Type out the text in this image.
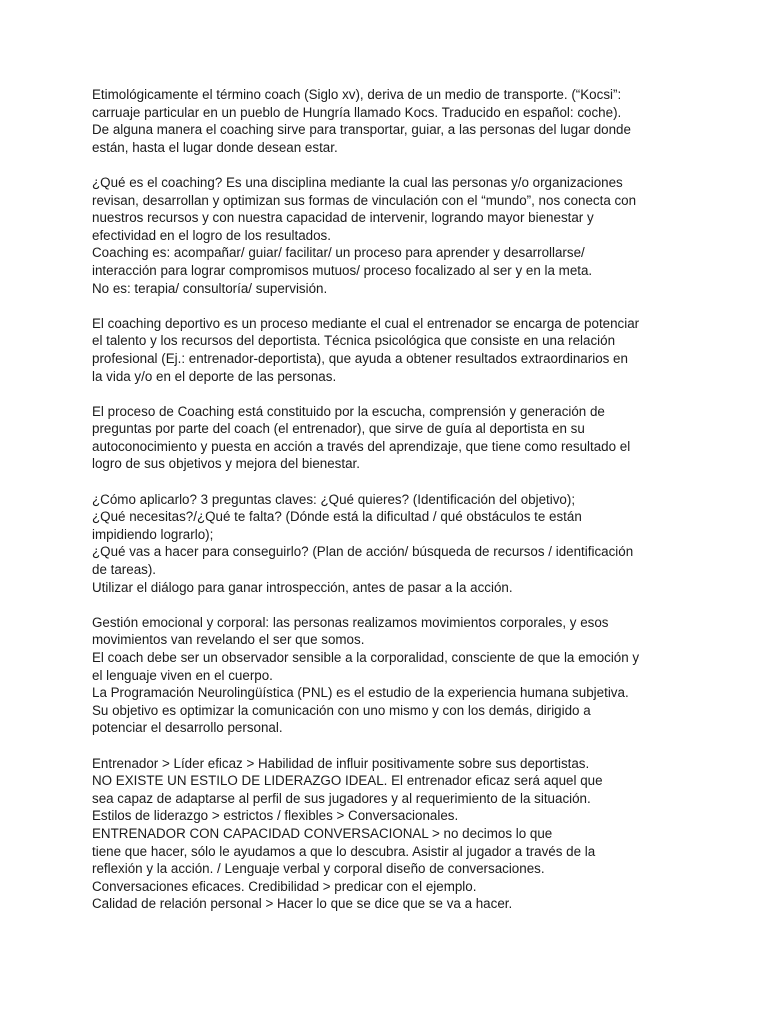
Etimológicamente el término coach (Siglo xv), deriva de un medio de transporte. (“Kocsi”:
carruaje particular en un pueblo de Hungría llamado Kocs. Traducido en español: coche).
De alguna manera el coaching sirve para transportar, guiar, a las personas del lugar donde
están, hasta el lugar donde desean estar.
¿Qué es el coaching? Es una disciplina mediante la cual las personas y/o organizaciones
revisan, desarrollan y optimizan sus formas de vinculación con el “mundo”, nos conecta con
nuestros recursos y con nuestra capacidad de intervenir, logrando mayor bienestar y
efectividad en el logro de los resultados.
Coaching es: acompañar/ guiar/ facilitar/ un proceso para aprender y desarrollarse/
interacción para lograr compromisos mutuos/ proceso focalizado al ser y en la meta.
No es: terapia/ consultoría/ supervisión.
El coaching deportivo es un proceso mediante el cual el entrenador se encarga de potenciar
el talento y los recursos del deportista. Técnica psicológica que consiste en una relación
profesional (Ej.: entrenador-deportista), que ayuda a obtener resultados extraordinarios en
la vida y/o en el deporte de las personas.
El proceso de Coaching está constituido por la escucha, comprensión y generación de
preguntas por parte del coach (el entrenador), que sirve de guía al deportista en su
autoconocimiento y puesta en acción a través del aprendizaje, que tiene como resultado el
logro de sus objetivos y mejora del bienestar.
¿Cómo aplicarlo? 3 preguntas claves: ¿Qué quieres? (Identificación del objetivo);
¿Qué necesitas?/¿Qué te falta? (Dónde está la dificultad / qué obstáculos te están
impidiendo lograrlo);
¿Qué vas a hacer para conseguirlo? (Plan de acción/ búsqueda de recursos / identificación
de tareas).
Utilizar el diálogo para ganar introspección, antes de pasar a la acción.
Gestión emocional y corporal: las personas realizamos movimientos corporales, y esos
movimientos van revelando el ser que somos.
El coach debe ser un observador sensible a la corporalidad, consciente de que la emoción y
el lenguaje viven en el cuerpo.
La Programación Neurolingüística (PNL) es el estudio de la experiencia humana subjetiva.
Su objetivo es optimizar la comunicación con uno mismo y con los demás, dirigido a
potenciar el desarrollo personal.
Entrenador > Líder eficaz > Habilidad de influir positivamente sobre sus deportistas.
NO EXISTE UN ESTILO DE LIDERAZGO IDEAL. El entrenador eficaz será aquel que
sea capaz de adaptarse al perfil de sus jugadores y al requerimiento de la situación.
Estilos de liderazgo > estrictos / flexibles > Conversacionales.
ENTRENADOR CON CAPACIDAD CONVERSACIONAL > no decimos lo que
tiene que hacer, sólo le ayudamos a que lo descubra. Asistir al jugador a través de la
reflexión y la acción. / Lenguaje verbal y corporal diseño de conversaciones.
Conversaciones eficaces. Credibilidad > predicar con el ejemplo.
Calidad de relación personal > Hacer lo que se dice que se va a hacer.
